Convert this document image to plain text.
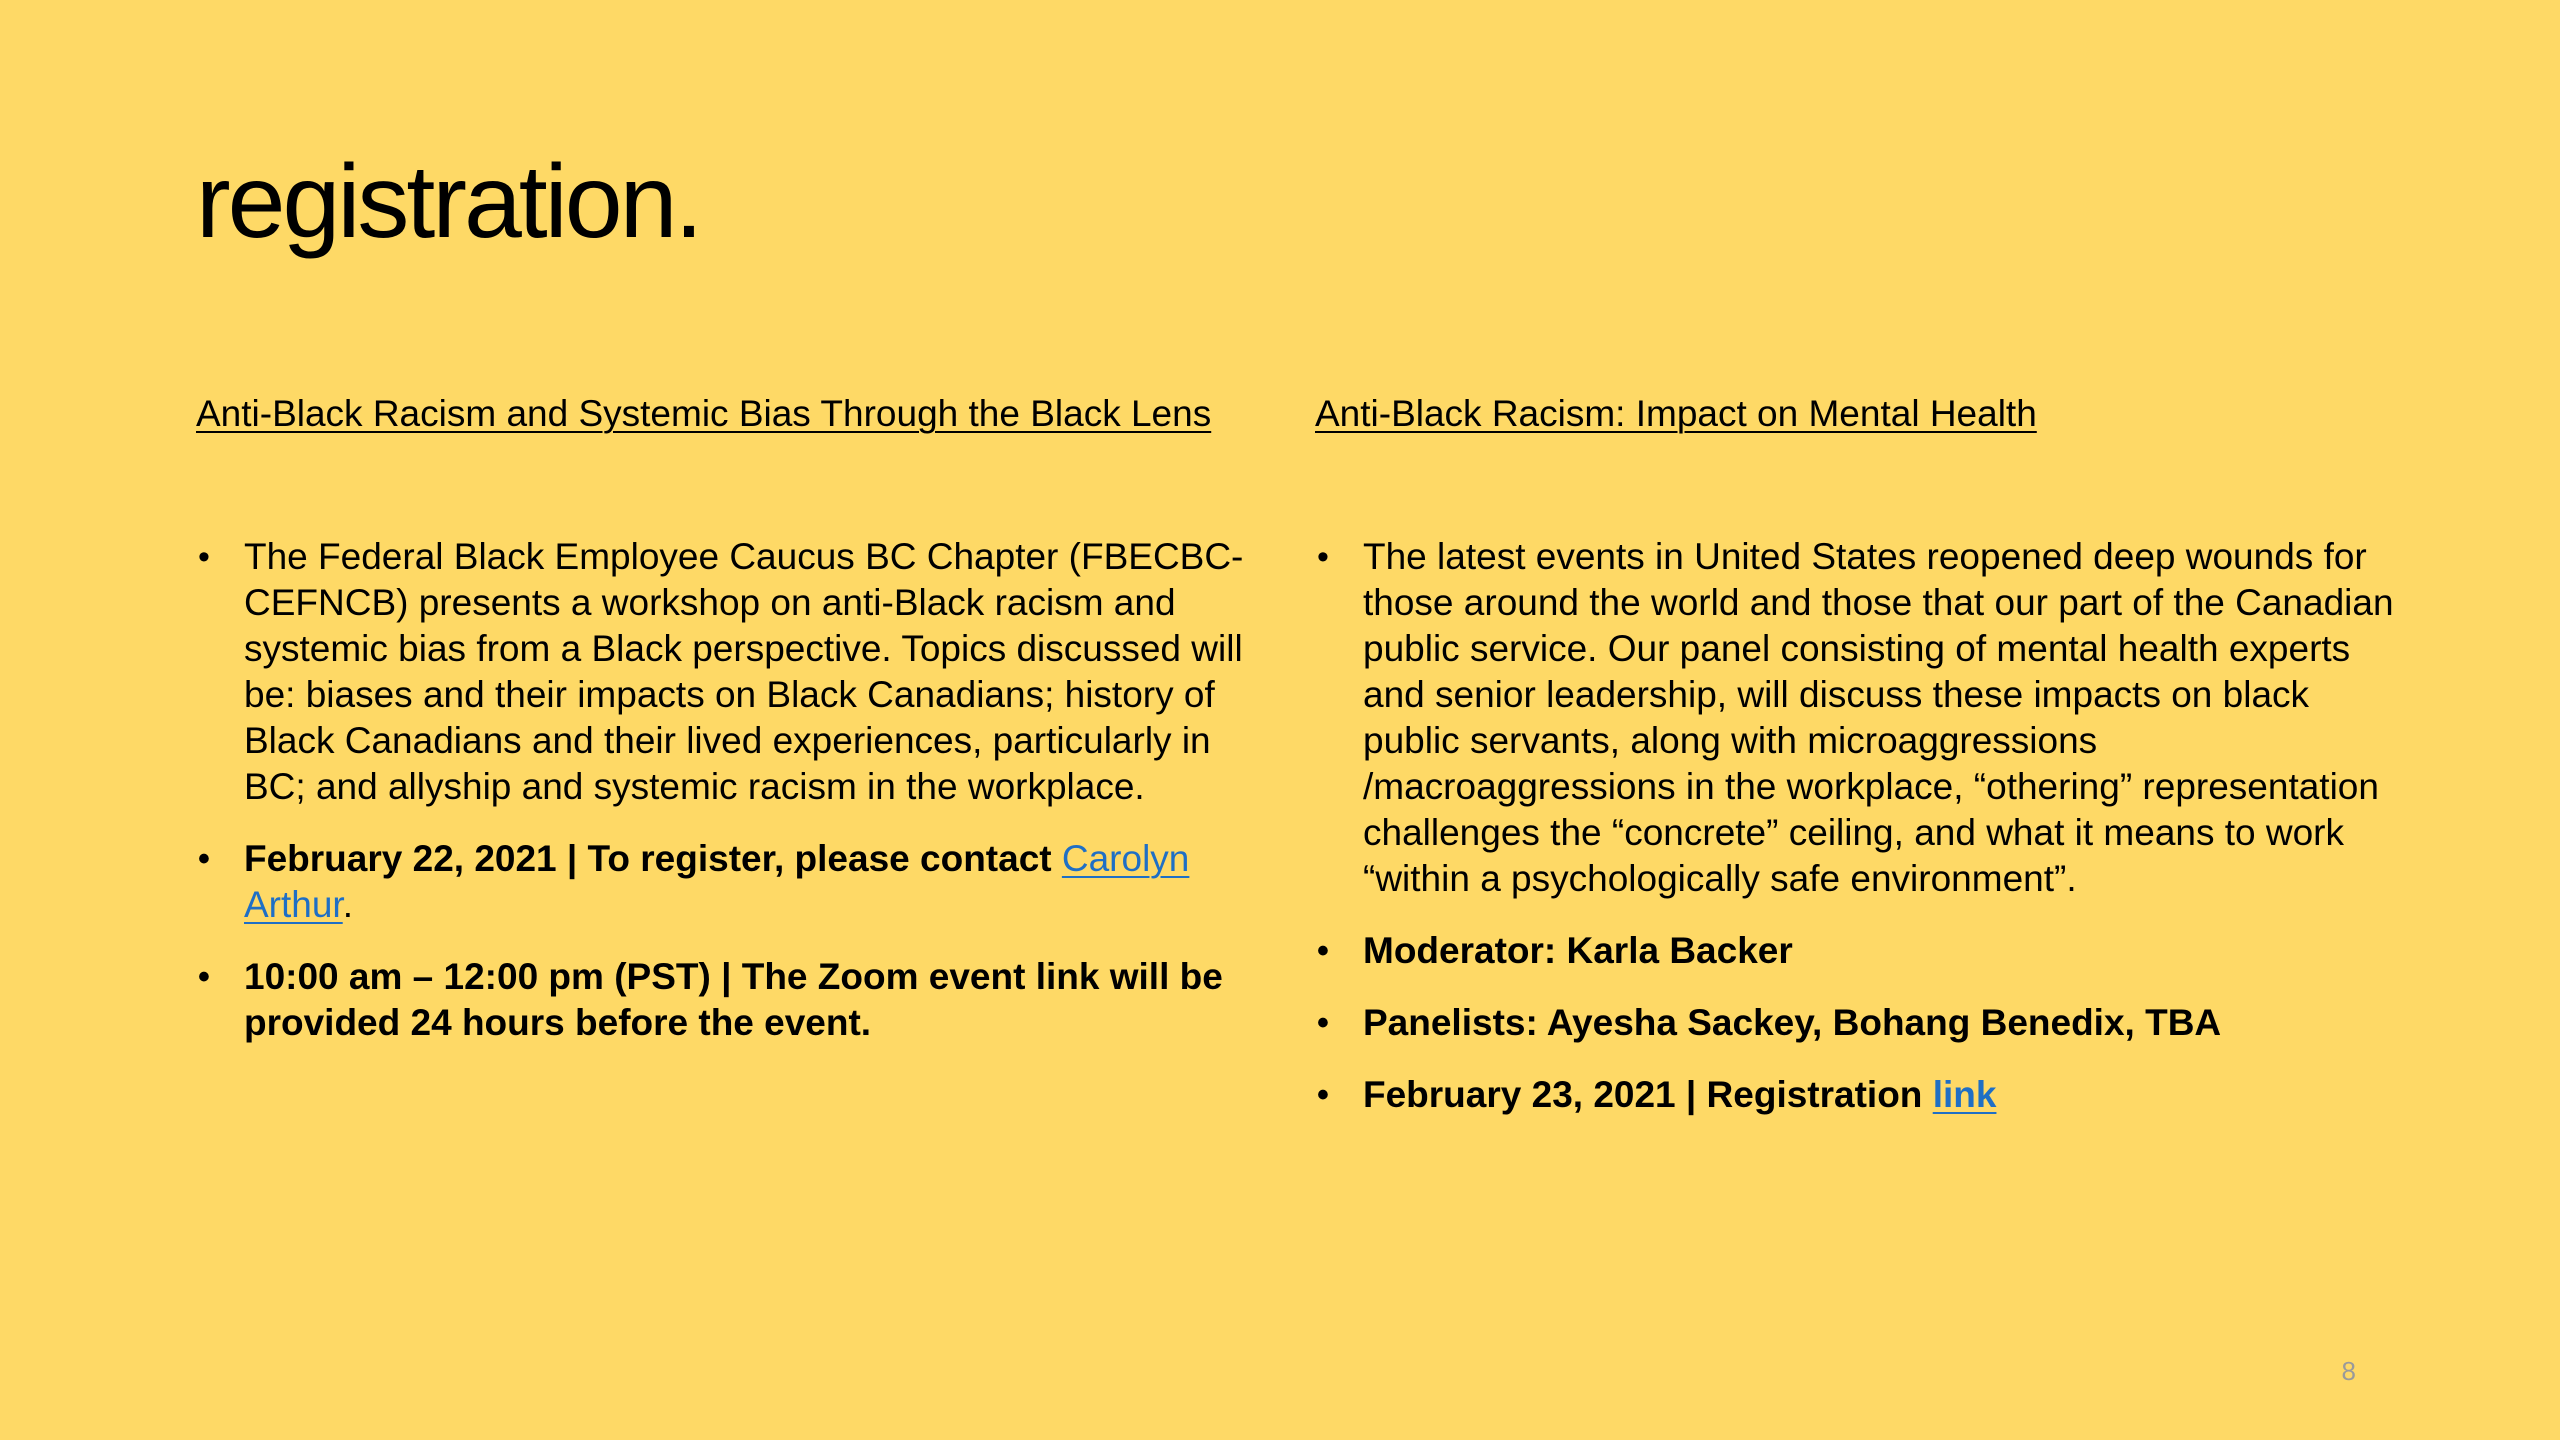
registration.
Anti-Black Racism and Systemic Bias Through the Black Lens
• The Federal Black Employee Caucus BC Chapter (FBECBC-CEFNCB) presents a workshop on anti-Black racism and systemic bias from a Black perspective. Topics discussed will be: biases and their impacts on Black Canadians; history of Black Canadians and their lived experiences, particularly in BC; and allyship and systemic racism in the workplace.
• February 22, 2021 | To register, please contact Carolyn Arthur.
• 10:00 am – 12:00 pm (PST) | The Zoom event link will be provided 24 hours before the event.
Anti-Black Racism: Impact on Mental Health
• The latest events in United States reopened deep wounds for those around the world and those that our part of the Canadian public service. Our panel consisting of mental health experts and senior leadership, will discuss these impacts on black public servants, along with microaggressions /macroaggressions in the workplace, “othering” representation challenges the “concrete” ceiling, and what it means to work “within a psychologically safe environment”.
• Moderator: Karla Backer
• Panelists: Ayesha Sackey, Bohang Benedix, TBA
• February 23, 2021 | Registration link
8
